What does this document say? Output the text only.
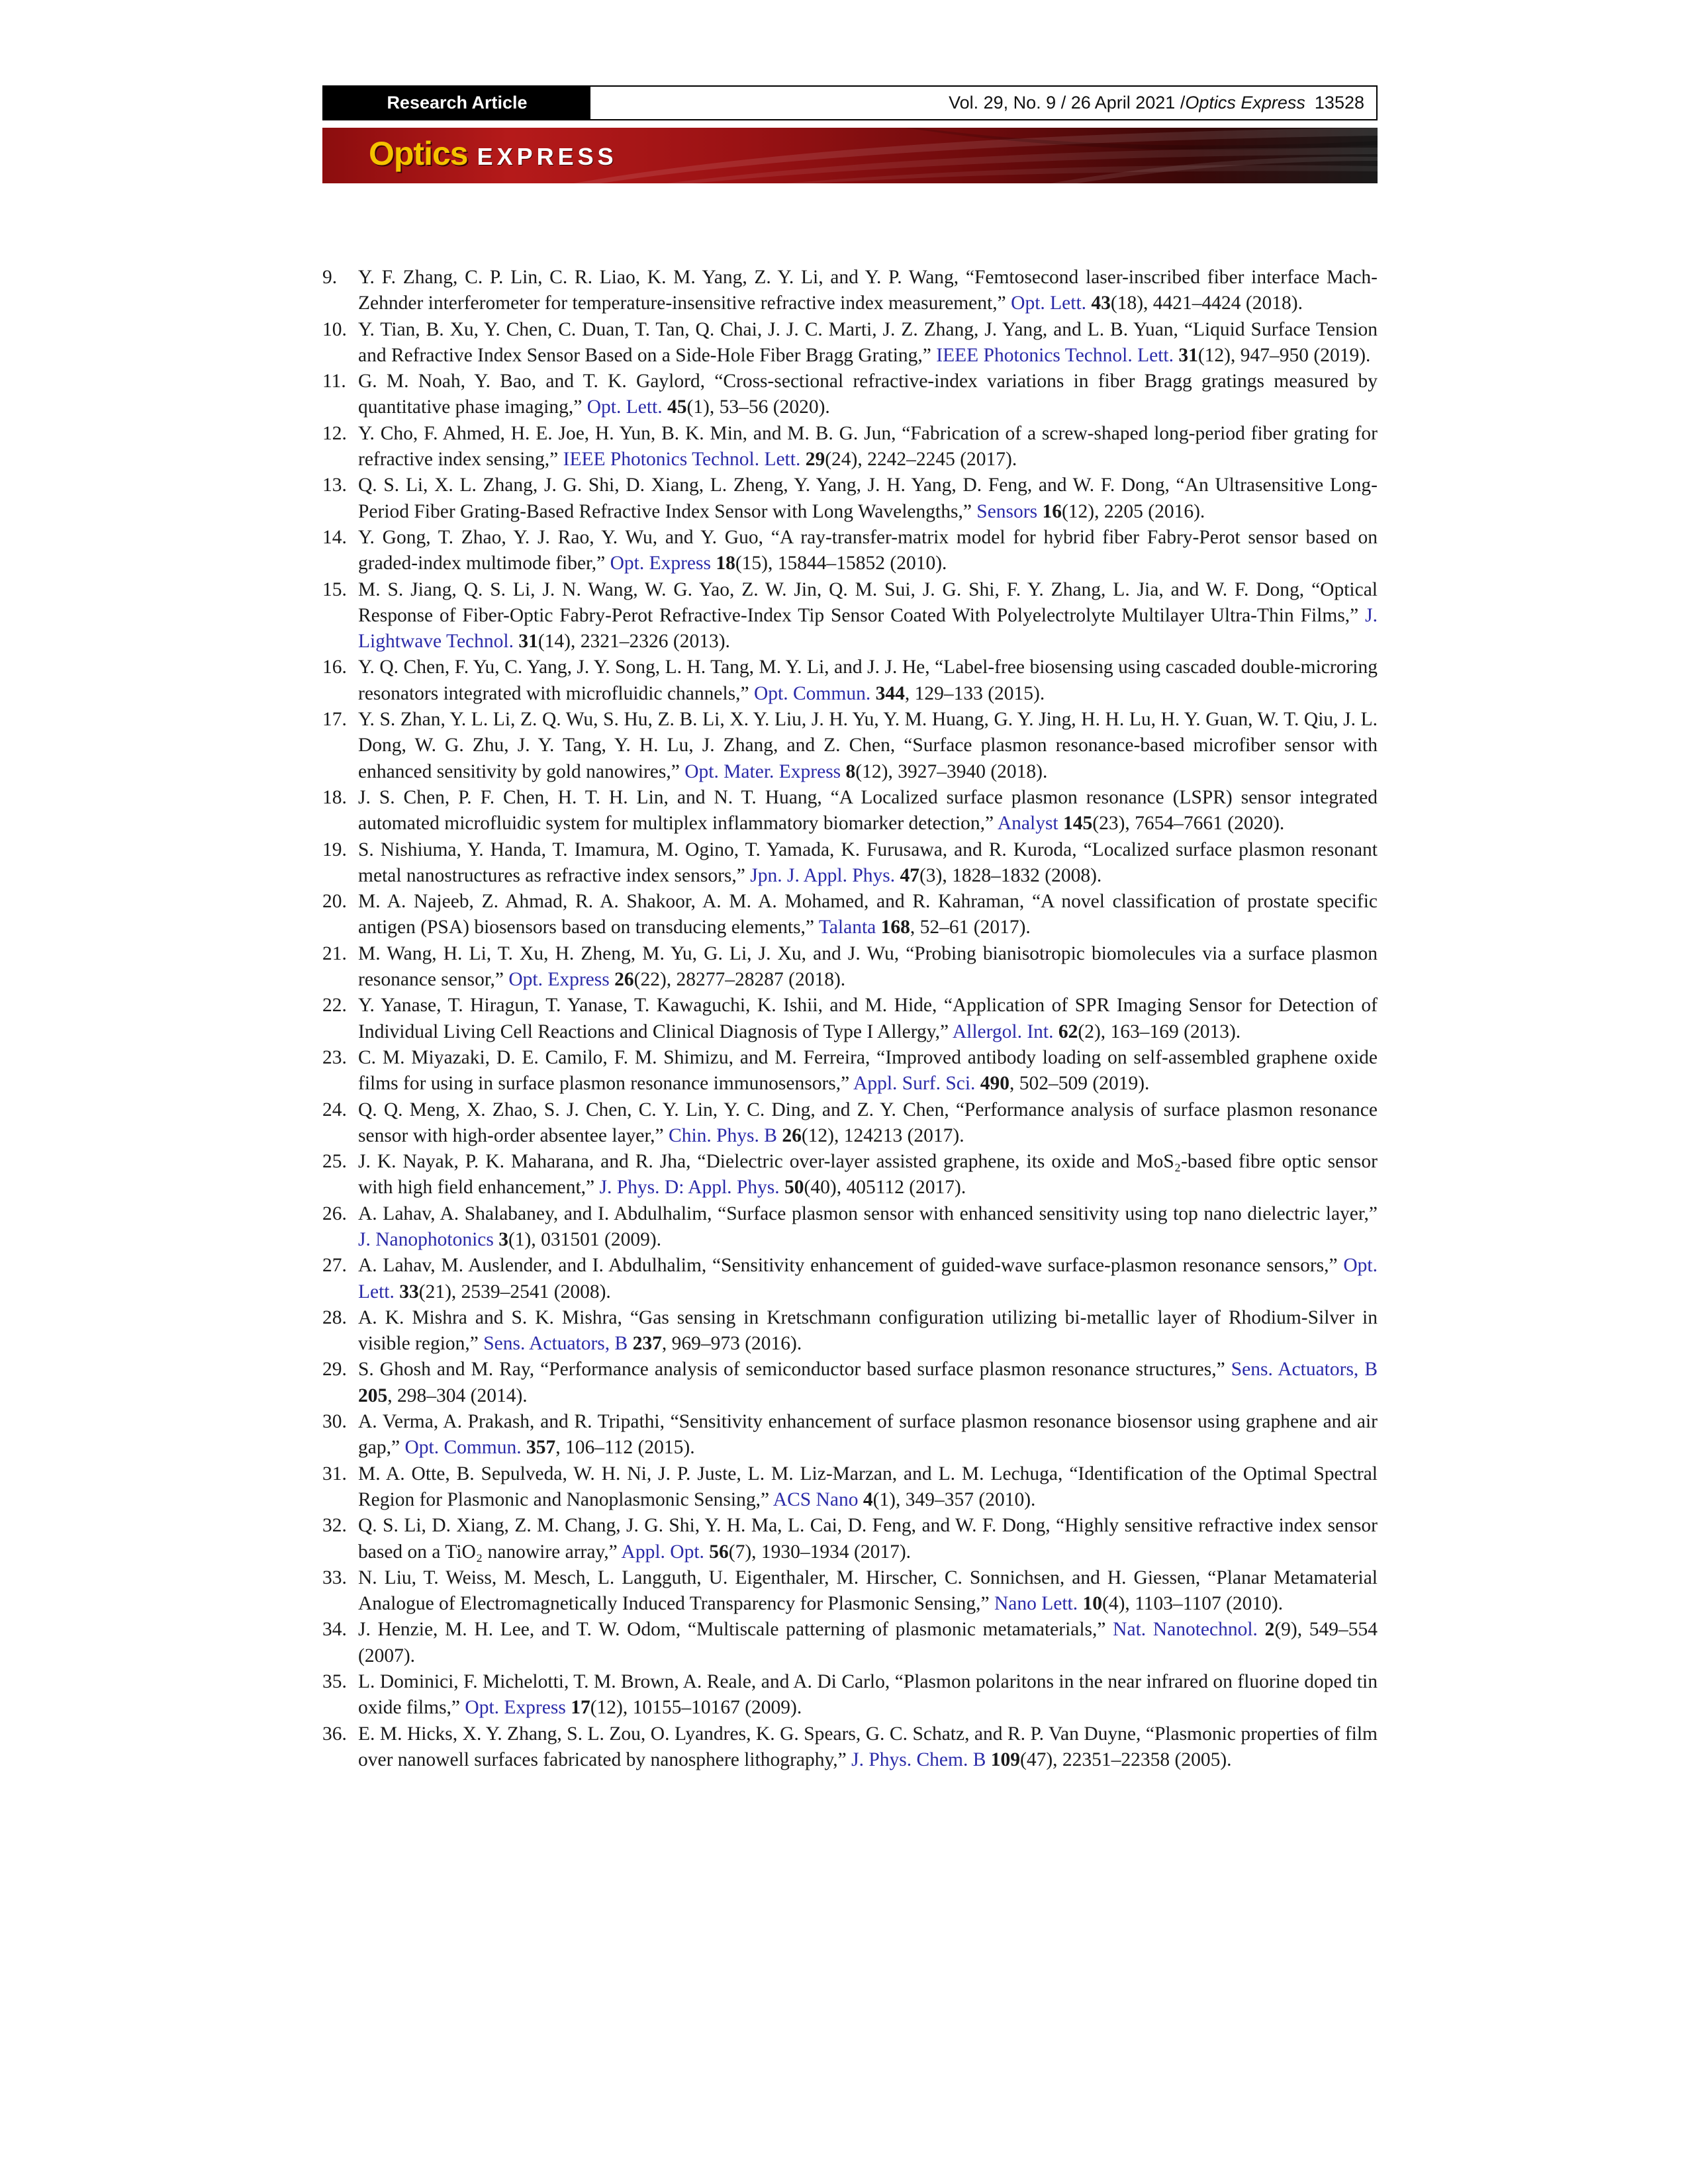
Research Article	Vol. 29, No. 9 / 26 April 2021 / Optics Express 13528
Optics EXPRESS
9.	Y. F. Zhang, C. P. Lin, C. R. Liao, K. M. Yang, Z. Y. Li, and Y. P. Wang, “Femtosecond laser-inscribed fiber interface Mach-Zehnder interferometer for temperature-insensitive refractive index measurement,” Opt. Lett. 43(18), 4421–4424 (2018).
10. Y. Tian, B. Xu, Y. Chen, C. Duan, T. Tan, Q. Chai, J. J. C. Marti, J. Z. Zhang, J. Yang, and L. B. Yuan, “Liquid Surface Tension and Refractive Index Sensor Based on a Side-Hole Fiber Bragg Grating,” IEEE Photonics Technol. Lett. 31(12), 947–950 (2019).
11. G. M. Noah, Y. Bao, and T. K. Gaylord, “Cross-sectional refractive-index variations in fiber Bragg gratings measured by quantitative phase imaging,” Opt. Lett. 45(1), 53–56 (2020).
12. Y. Cho, F. Ahmed, H. E. Joe, H. Yun, B. K. Min, and M. B. G. Jun, “Fabrication of a screw-shaped long-period fiber grating for refractive index sensing,” IEEE Photonics Technol. Lett. 29(24), 2242–2245 (2017).
13. Q. S. Li, X. L. Zhang, J. G. Shi, D. Xiang, L. Zheng, Y. Yang, J. H. Yang, D. Feng, and W. F. Dong, “An Ultrasensitive Long-Period Fiber Grating-Based Refractive Index Sensor with Long Wavelengths,” Sensors 16(12), 2205 (2016).
14. Y. Gong, T. Zhao, Y. J. Rao, Y. Wu, and Y. Guo, “A ray-transfer-matrix model for hybrid fiber Fabry-Perot sensor based on graded-index multimode fiber,” Opt. Express 18(15), 15844–15852 (2010).
15. M. S. Jiang, Q. S. Li, J. N. Wang, W. G. Yao, Z. W. Jin, Q. M. Sui, J. G. Shi, F. Y. Zhang, L. Jia, and W. F. Dong, “Optical Response of Fiber-Optic Fabry-Perot Refractive-Index Tip Sensor Coated With Polyelectrolyte Multilayer Ultra-Thin Films,” J. Lightwave Technol. 31(14), 2321–2326 (2013).
16. Y. Q. Chen, F. Yu, C. Yang, J. Y. Song, L. H. Tang, M. Y. Li, and J. J. He, “Label-free biosensing using cascaded double-microring resonators integrated with microfluidic channels,” Opt. Commun. 344, 129–133 (2015).
17. Y. S. Zhan, Y. L. Li, Z. Q. Wu, S. Hu, Z. B. Li, X. Y. Liu, J. H. Yu, Y. M. Huang, G. Y. Jing, H. H. Lu, H. Y. Guan, W. T. Qiu, J. L. Dong, W. G. Zhu, J. Y. Tang, Y. H. Lu, J. Zhang, and Z. Chen, “Surface plasmon resonance-based microfiber sensor with enhanced sensitivity by gold nanowires,” Opt. Mater. Express 8(12), 3927–3940 (2018).
18. J. S. Chen, P. F. Chen, H. T. H. Lin, and N. T. Huang, “A Localized surface plasmon resonance (LSPR) sensor integrated automated microfluidic system for multiplex inflammatory biomarker detection,” Analyst 145(23), 7654–7661 (2020).
19. S. Nishiuma, Y. Handa, T. Imamura, M. Ogino, T. Yamada, K. Furusawa, and R. Kuroda, “Localized surface plasmon resonant metal nanostructures as refractive index sensors,” Jpn. J. Appl. Phys. 47(3), 1828–1832 (2008).
20. M. A. Najeeb, Z. Ahmad, R. A. Shakoor, A. M. A. Mohamed, and R. Kahraman, “A novel classification of prostate specific antigen (PSA) biosensors based on transducing elements,” Talanta 168, 52–61 (2017).
21. M. Wang, H. Li, T. Xu, H. Zheng, M. Yu, G. Li, J. Xu, and J. Wu, “Probing bianisotropic biomolecules via a surface plasmon resonance sensor,” Opt. Express 26(22), 28277–28287 (2018).
22. Y. Yanase, T. Hiragun, T. Yanase, T. Kawaguchi, K. Ishii, and M. Hide, “Application of SPR Imaging Sensor for Detection of Individual Living Cell Reactions and Clinical Diagnosis of Type I Allergy,” Allergol. Int. 62(2), 163–169 (2013).
23. C. M. Miyazaki, D. E. Camilo, F. M. Shimizu, and M. Ferreira, “Improved antibody loading on self-assembled graphene oxide films for using in surface plasmon resonance immunosensors,” Appl. Surf. Sci. 490, 502–509 (2019).
24. Q. Q. Meng, X. Zhao, S. J. Chen, C. Y. Lin, Y. C. Ding, and Z. Y. Chen, “Performance analysis of surface plasmon resonance sensor with high-order absentee layer,” Chin. Phys. B 26(12), 124213 (2017).
25. J. K. Nayak, P. K. Maharana, and R. Jha, “Dielectric over-layer assisted graphene, its oxide and MoS₂-based fibre optic sensor with high field enhancement,” J. Phys. D: Appl. Phys. 50(40), 405112 (2017).
26. A. Lahav, A. Shalabaney, and I. Abdulhalim, “Surface plasmon sensor with enhanced sensitivity using top nano dielectric layer,” J. Nanophotonics 3(1), 031501 (2009).
27. A. Lahav, M. Auslender, and I. Abdulhalim, “Sensitivity enhancement of guided-wave surface-plasmon resonance sensors,” Opt. Lett. 33(21), 2539–2541 (2008).
28. A. K. Mishra and S. K. Mishra, “Gas sensing in Kretschmann configuration utilizing bi-metallic layer of Rhodium-Silver in visible region,” Sens. Actuators, B 237, 969–973 (2016).
29. S. Ghosh and M. Ray, “Performance analysis of semiconductor based surface plasmon resonance structures,” Sens. Actuators, B 205, 298–304 (2014).
30. A. Verma, A. Prakash, and R. Tripathi, “Sensitivity enhancement of surface plasmon resonance biosensor using graphene and air gap,” Opt. Commun. 357, 106–112 (2015).
31. M. A. Otte, B. Sepulveda, W. H. Ni, J. P. Juste, L. M. Liz-Marzan, and L. M. Lechuga, “Identification of the Optimal Spectral Region for Plasmonic and Nanoplasmonic Sensing,” ACS Nano 4(1), 349–357 (2010).
32. Q. S. Li, D. Xiang, Z. M. Chang, J. G. Shi, Y. H. Ma, L. Cai, D. Feng, and W. F. Dong, “Highly sensitive refractive index sensor based on a TiO₂ nanowire array,” Appl. Opt. 56(7), 1930–1934 (2017).
33. N. Liu, T. Weiss, M. Mesch, L. Langguth, U. Eigenthaler, M. Hirscher, C. Sonnichsen, and H. Giessen, “Planar Metamaterial Analogue of Electromagnetically Induced Transparency for Plasmonic Sensing,” Nano Lett. 10(4), 1103–1107 (2010).
34. J. Henzie, M. H. Lee, and T. W. Odom, “Multiscale patterning of plasmonic metamaterials,” Nat. Nanotechnol. 2(9), 549–554 (2007).
35. L. Dominici, F. Michelotti, T. M. Brown, A. Reale, and A. Di Carlo, “Plasmon polaritons in the near infrared on fluorine doped tin oxide films,” Opt. Express 17(12), 10155–10167 (2009).
36. E. M. Hicks, X. Y. Zhang, S. L. Zou, O. Lyandres, K. G. Spears, G. C. Schatz, and R. P. Van Duyne, “Plasmonic properties of film over nanowell surfaces fabricated by nanosphere lithography,” J. Phys. Chem. B 109(47), 22351–22358 (2005).
